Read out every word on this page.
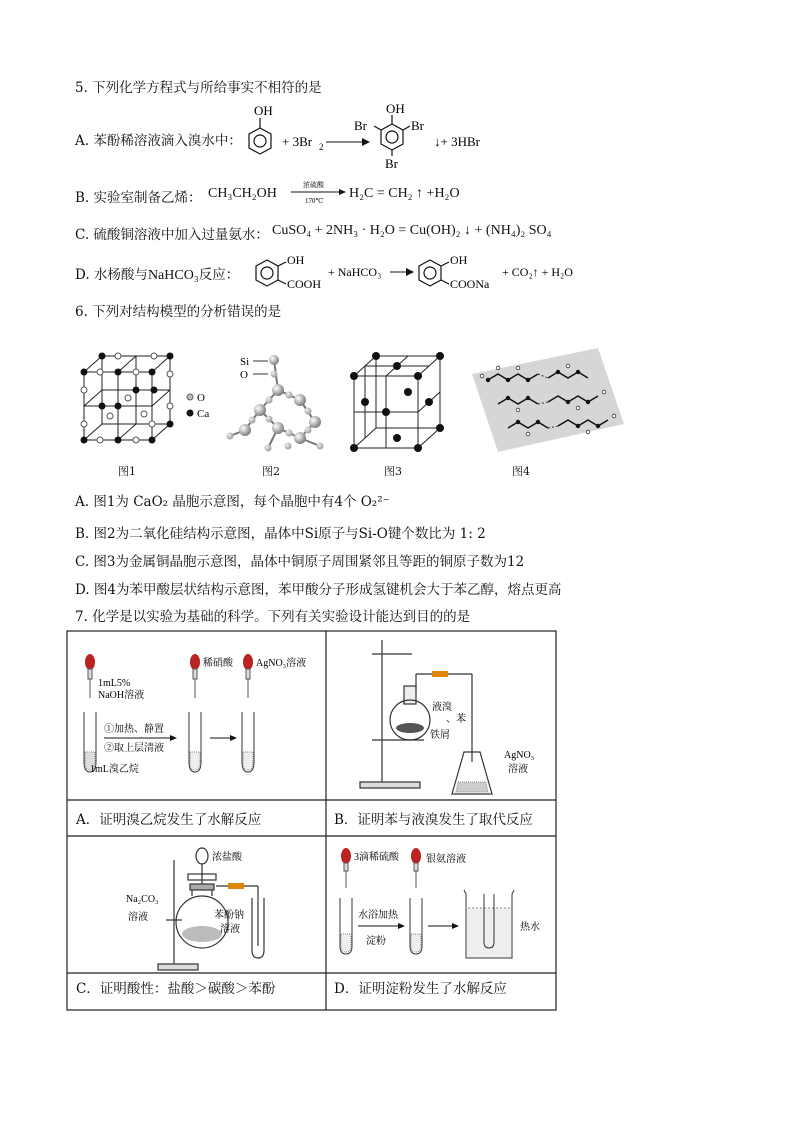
5. 下列化学方程式与所给事实不相符的是
A. 苯酚稀溶液滴入溴水中：
OH
+ 3Br 2
OH
Br	Br
Br
↓+ 3HBr
B. 实验室制备乙烯： CH₃CH₂OH
浓硫酸
170℃ H₂C = CH₂ ↑ +H₂O
C. 硫酸铜溶液中加入过量氨水： CuSO₄ + 2NH₃ · H₂O = Cu(OH)₂ ↓ + (NH₄)₂ SO₄
D. 水杨酸与NaHCO₃反应：
OH
COOH
+ NaHCO₃
OH
COONa
+ CO₂↑ + H₂O
6. 下列对结构模型的分析错误的是
O
Ca
图1
Si
O
图2	图3	图4
A. 图1为 CaO₂ 晶胞示意图，每个晶胞中有4个 O₂²⁻
B. 图2为二氧化硅结构示意图，晶体中Si原子与Si-O键个数比为 1: 2
C. 图3为金属铜晶胞示意图，晶体中铜原子周围紧邻且等距的铜原子数为12
D. 图4为苯甲酸层状结构示意图，苯甲酸分子形成氢键机会大于苯乙醇，熔点更高
7. 化学是以实验为基础的科学。下列有关实验设计能达到目的的是
1mL5%
NaOH溶液
①加热、静置
②取上层清液
1mL溴乙烷
稀硝酸 AgNO₃溶液
A．证明溴乙烷发生了水解反应
液溴
、苯
铁屑
AgNO₃
溶液
B．证明苯与液溴发生了取代反应
浓盐酸
Na₂CO₃
溶液	苯酚钠
溶液
C．证明酸性：盐酸＞碳酸＞苯酚
3滴稀硫酸
水浴加热
淀粉
银氨溶液
热水
D．证明淀粉发生了水解反应
